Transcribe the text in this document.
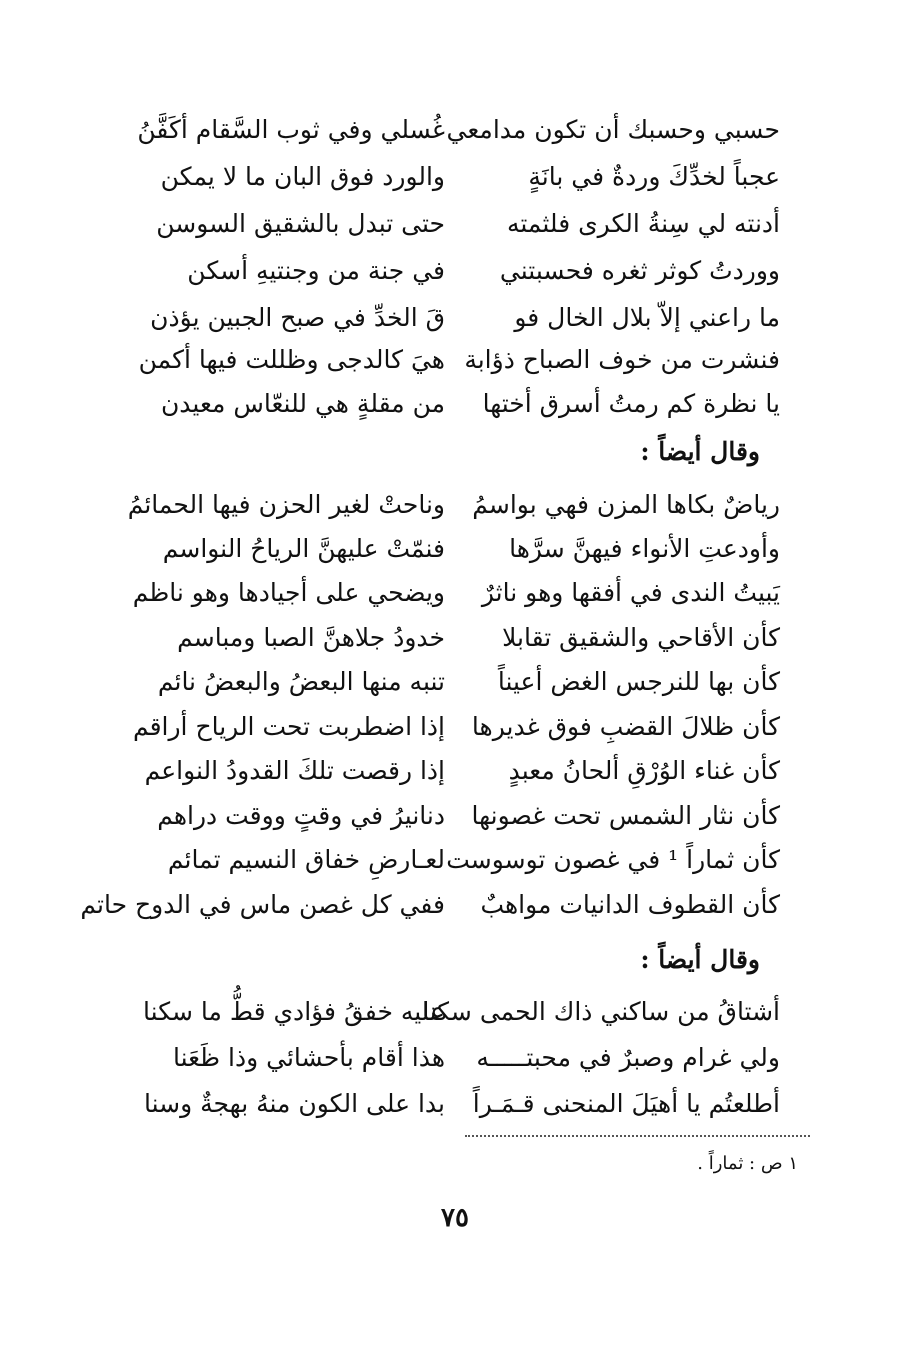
حسبي وحسبك أن تكون مدامعي
غُسلي وفي ثوب السَّقام أكَفَّنُ
عجباً لخدِّكَ وردةٌ في بانَةٍ
والورد فوق البان ما لا يمكن
أدنته لي سِنةُ الكرى فلثمته
حتى تبدل بالشقيق السوسن
ووردتُ كوثر ثغره فحسبتني
في جنة من وجنتيهِ أسكن
ما راعني إلاّ بلال الخال فو
قَ الخدِّ في صبح الجبين يؤذن
فنشرت من خوف الصباح ذؤابة
هيَ كالدجى وظللت فيها أكمن
يا نظرة كم رمتُ أسرق أختها
من مقلةٍ هي للنعّاس معيدن
وقال أيضاً :
رياضٌ بكاها المزن فهي بواسمُ
وناحتْ لغير الحزن فيها الحمائمُ
وأودعتِ الأنواء فيهنَّ سرَّها
فنمّتْ عليهنَّ الرياحُ النواسم
يَبيتُ الندى في أفقها وهو ناثرٌ
ويضحي على أجيادها وهو ناظم
كأن الأقاحي والشقيق تقابلا
خدودُ جلاهنَّ الصبا ومباسم
كأن بها للنرجس الغض أعيناً
تنبه منها البعضُ والبعضُ نائم
كأن ظلالَ القضبِ فوق غديرها
إذا اضطربت تحت الرياح أراقم
كأن غناء الوُرْقِ ألحانُ معبدٍ
إذا رقصت تلكَ القدودُ النواعم
كأن نثار الشمس تحت غصونها
دنانيرُ في وقتٍ ووقت دراهم
كأن ثماراً ¹ في غصون توسوست
لعـارضِ خفاق النسيم تمائم
كأن القطوف الدانيات مواهبٌ
ففي كل غصن ماس في الدوح حاتم
وقال أيضاً :
أشتاقُ من ساكني ذاك الحمى سكنا
عليه خفقُ فؤادي قطُّ ما سكنا
ولي غرام وصبرٌ في محبتـــــه
هذا أقام بأحشائي وذا ظَعَنا
أطلعتُم يا أهيَلَ المنحنى قـمَـراً
بدا على الكون منهُ بهجةٌ وسنا
١ ص : ثماراً .
٧٥
